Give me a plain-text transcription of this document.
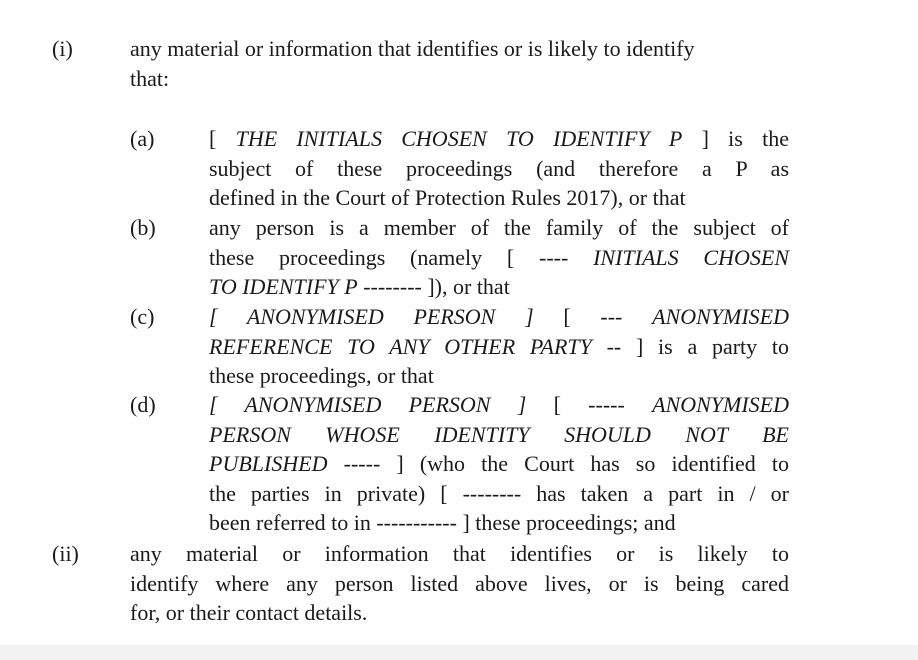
(i)	any material or information that identifies or is likely to identify
that:
(a) [ THE INITIALS CHOSEN TO IDENTIFY P ] is the
subject of these proceedings (and therefore a P as
defined in the Court of Protection Rules 2017), or that
(b) any person is a member of the family of the subject of
these proceedings (namely [ ---- INITIALS CHOSEN
TO IDENTIFY P -------- ]), or that
(c) [ ANONYMISED PERSON ] [ --- ANONYMISED
REFERENCE TO ANY OTHER PARTY -- ] is a party to
these proceedings, or that
(d) [ ANONYMISED PERSON ] [ ----- ANONYMISED
PERSON WHOSE IDENTITY SHOULD NOT BE
PUBLISHED ----- ] (who the Court has so identified to
the parties in private) [ -------- has taken a part in / or
been referred to in ----------- ] these proceedings; and
(ii) any material or information that identifies or is likely to
identify where any person listed above lives, or is being cared
for, or their contact details.
